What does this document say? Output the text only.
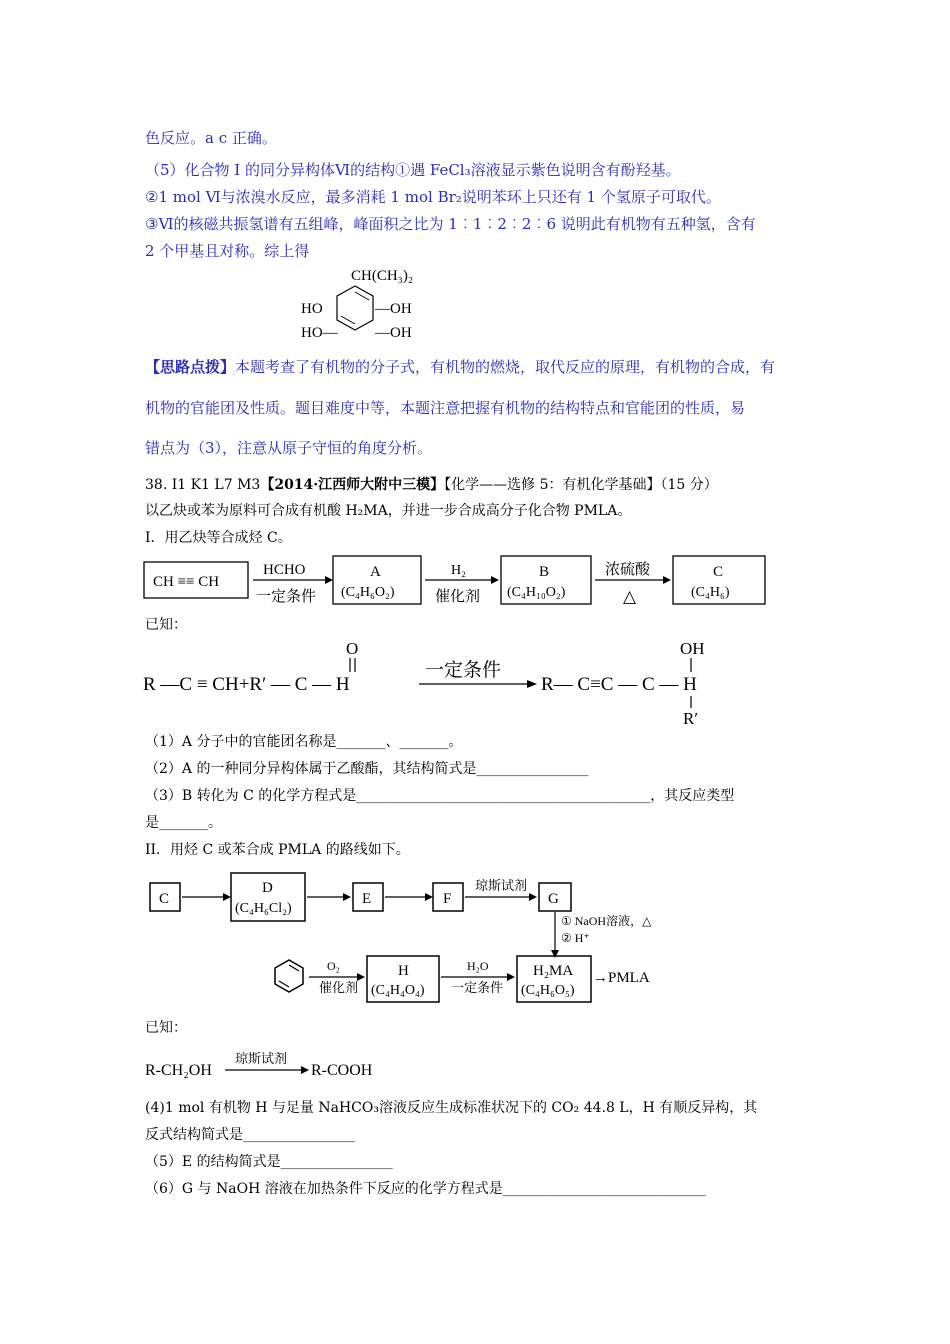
色反应。a c 正确。
（5）化合物 I 的同分异构体Ⅵ的结构①遇 FeCl₃溶液显示紫色说明含有酚羟基。
②1 mol Ⅵ与浓溴水反应，最多消耗 1 mol Br₂说明苯环上只还有 1 个氢原子可取代。
③Ⅵ的核磁共振氢谱有五组峰，峰面积之比为 1︰1︰2︰2︰6 说明此有机物有五种氢，含有
2 个甲基且对称。综上得
CH(CH₃)₂
HO	—OH
HO— —OH
【思路点拨】本题考查了有机物的分子式，有机物的燃烧，取代反应的原理，有机物的合成，有
机物的官能团及性质。题目难度中等，本题注意把握有机物的结构特点和官能团的性质，易
错点为（3），注意从原子守恒的角度分析。
38. I1 K1 L7 M3【2014·江西师大附中三模】【化学——选修 5：有机化学基础】（15 分）
以乙炔或苯为原料可合成有机酸 H₂MA，并进一步合成高分子化合物 PMLA。
I．用乙炔等合成烃 C。
CH ≡≡ CH
HCHO
一定条件
A
(C₄H₆O₂)
H₂
催化剂
B
(C₄H₁₀O₂)
浓硫酸
△
C
(C₄H₆)
已知：
O
R —C ≡ CH+R′ — C — H
一定条件
OH
R— C≡C — C — H
R′
（1）A 分子中的官能团名称是_______、_______。
（2）A 的一种同分异构体属于乙酸酯，其结构简式是________________
（3）B 转化为 C 的化学方程式是__________________________________________，其反应类型
是_______。
II．用烃 C 或苯合成 PMLA 的路线如下。
C
D
(C₄H₆Cl₂)
E	F
琼斯试剂
G
① NaOH溶液，△
② H⁺
O₂
催化剂
H
(C₄H₄O₄)
H₂O
一定条件
H₂MA
(C₄H₆O₅)
→PMLA
已知：
R-CH₂OH
琼斯试剂
R-COOH
(4)1 mol 有机物 H 与足量 NaHCO₃溶液反应生成标准状况下的 CO₂ 44.8 L，H 有顺反异构，其
反式结构简式是________________
（5）E 的结构简式是________________
（6）G 与 NaOH 溶液在加热条件下反应的化学方程式是_____________________________
